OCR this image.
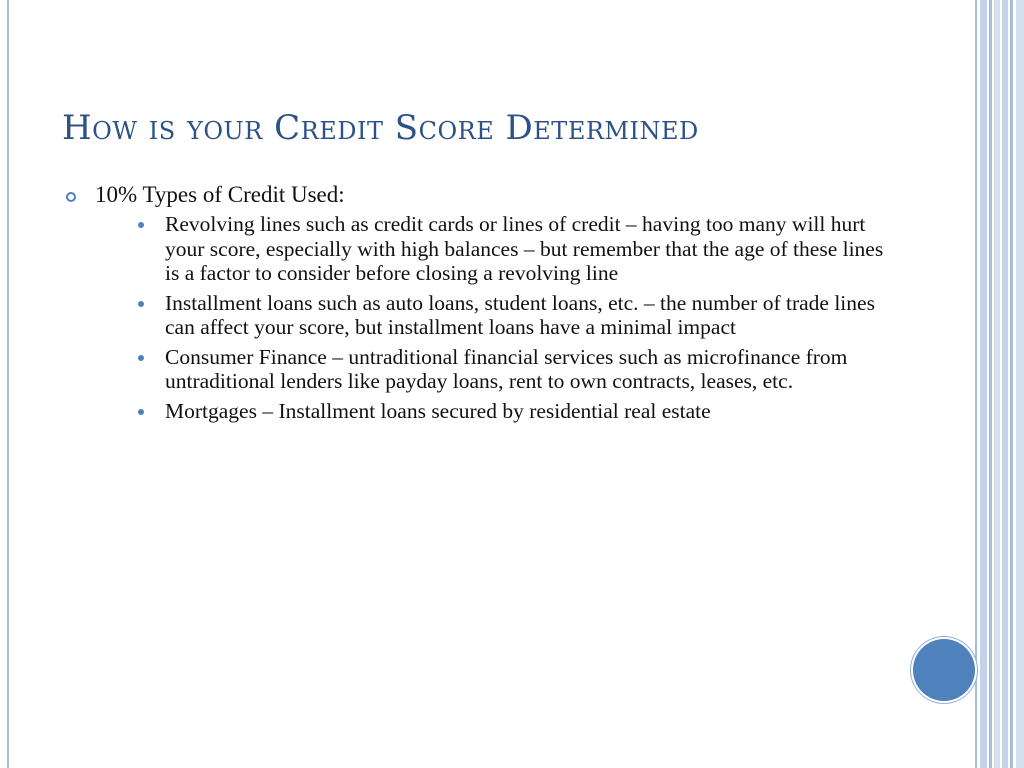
How is your Credit Score Determined
10% Types of Credit Used:
Revolving lines such as credit cards or lines of credit – having too many will hurt your score, especially with high balances – but remember that the age of these lines is a factor to consider before closing a revolving line
Installment loans such as auto loans, student loans, etc. – the number of trade lines can affect your score, but installment loans have a minimal impact
Consumer Finance – untraditional financial services such as microfinance from untraditional lenders like payday loans, rent to own contracts, leases, etc.
Mortgages – Installment loans secured by residential real estate
